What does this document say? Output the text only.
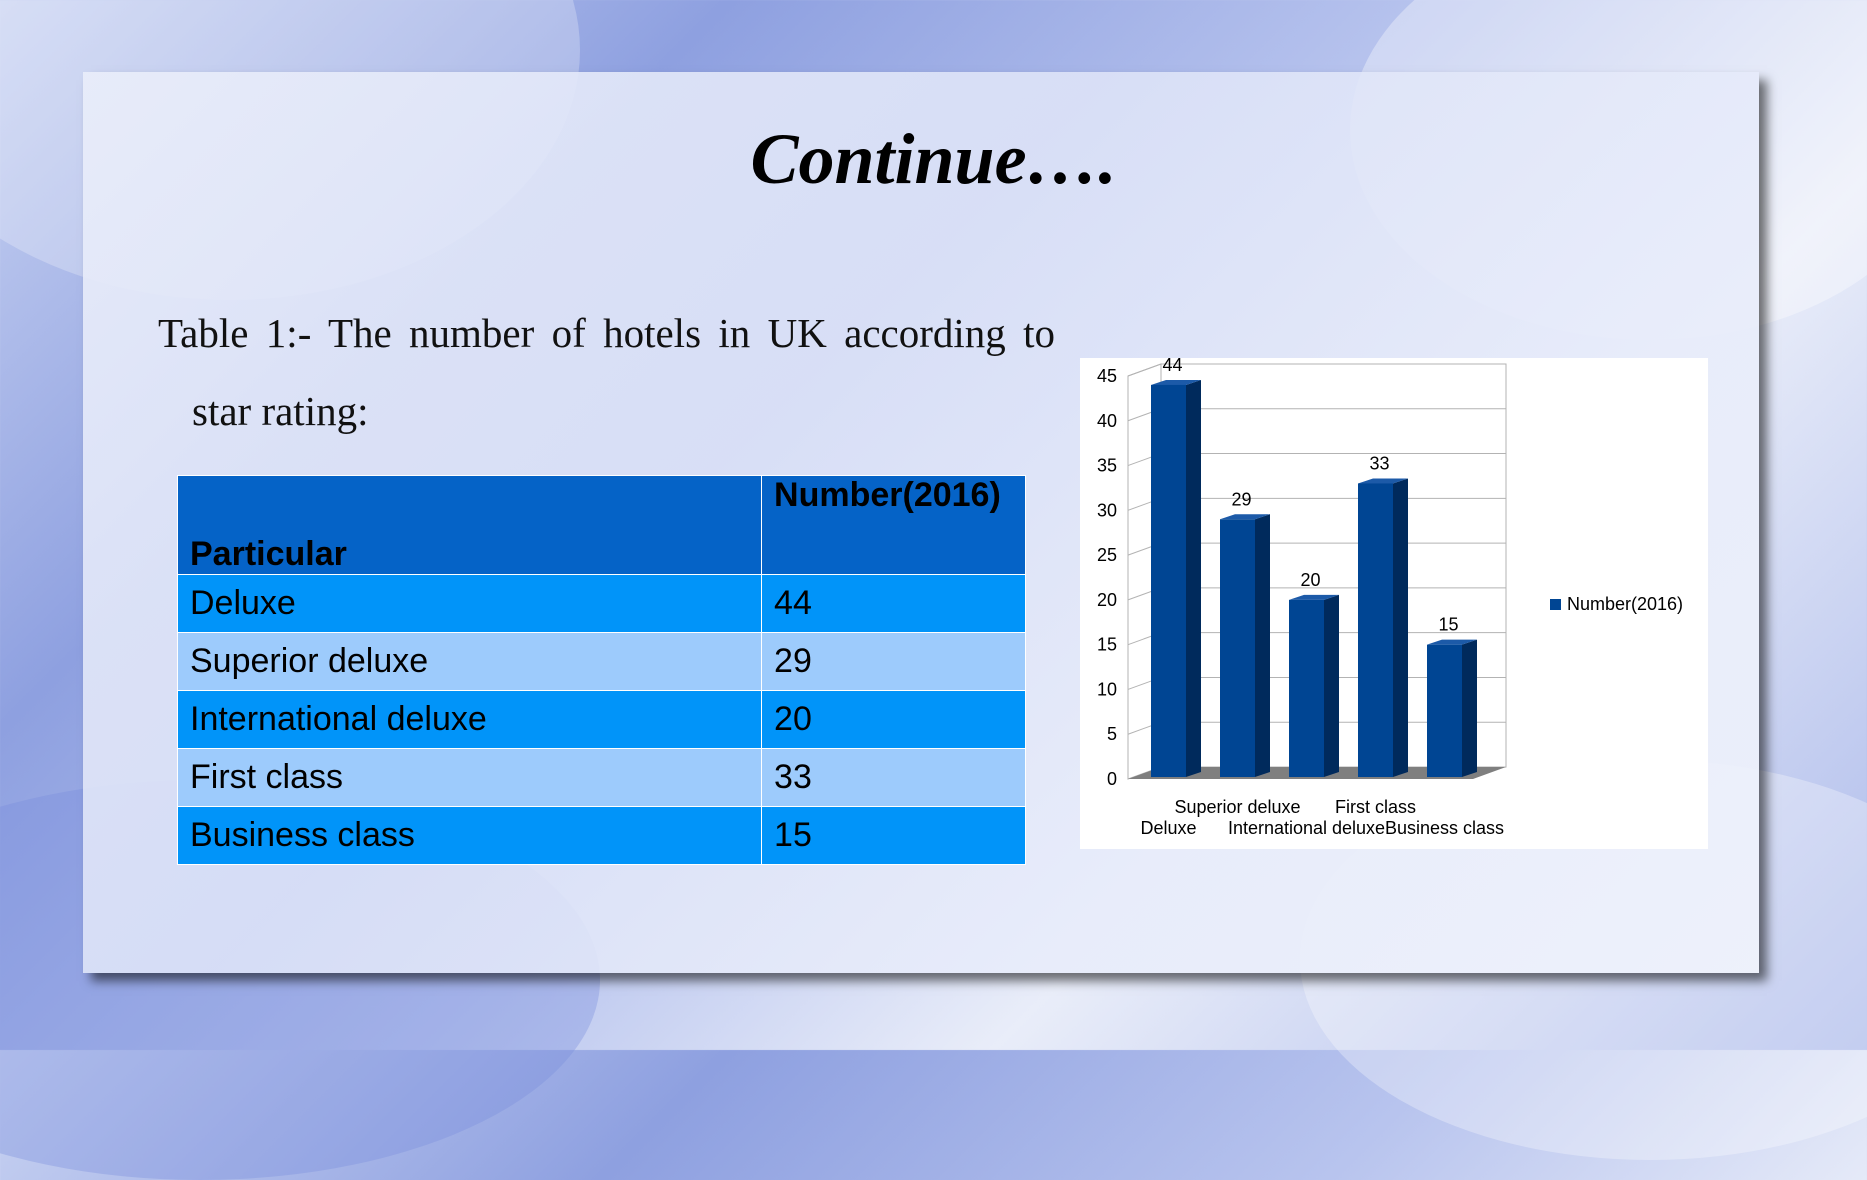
Continue….
Table 1:- The number of hotels in UK according to
star rating:
Particular	Number(2016)
Deluxe	44
Superior deluxe	29
International deluxe	20
First class	33
Business class	15
0
5
10
15
20
25
30
35
40
45
44
29
20
33
15
Deluxe
Superior deluxe
International deluxe
First class
Business class
Number(2016)
